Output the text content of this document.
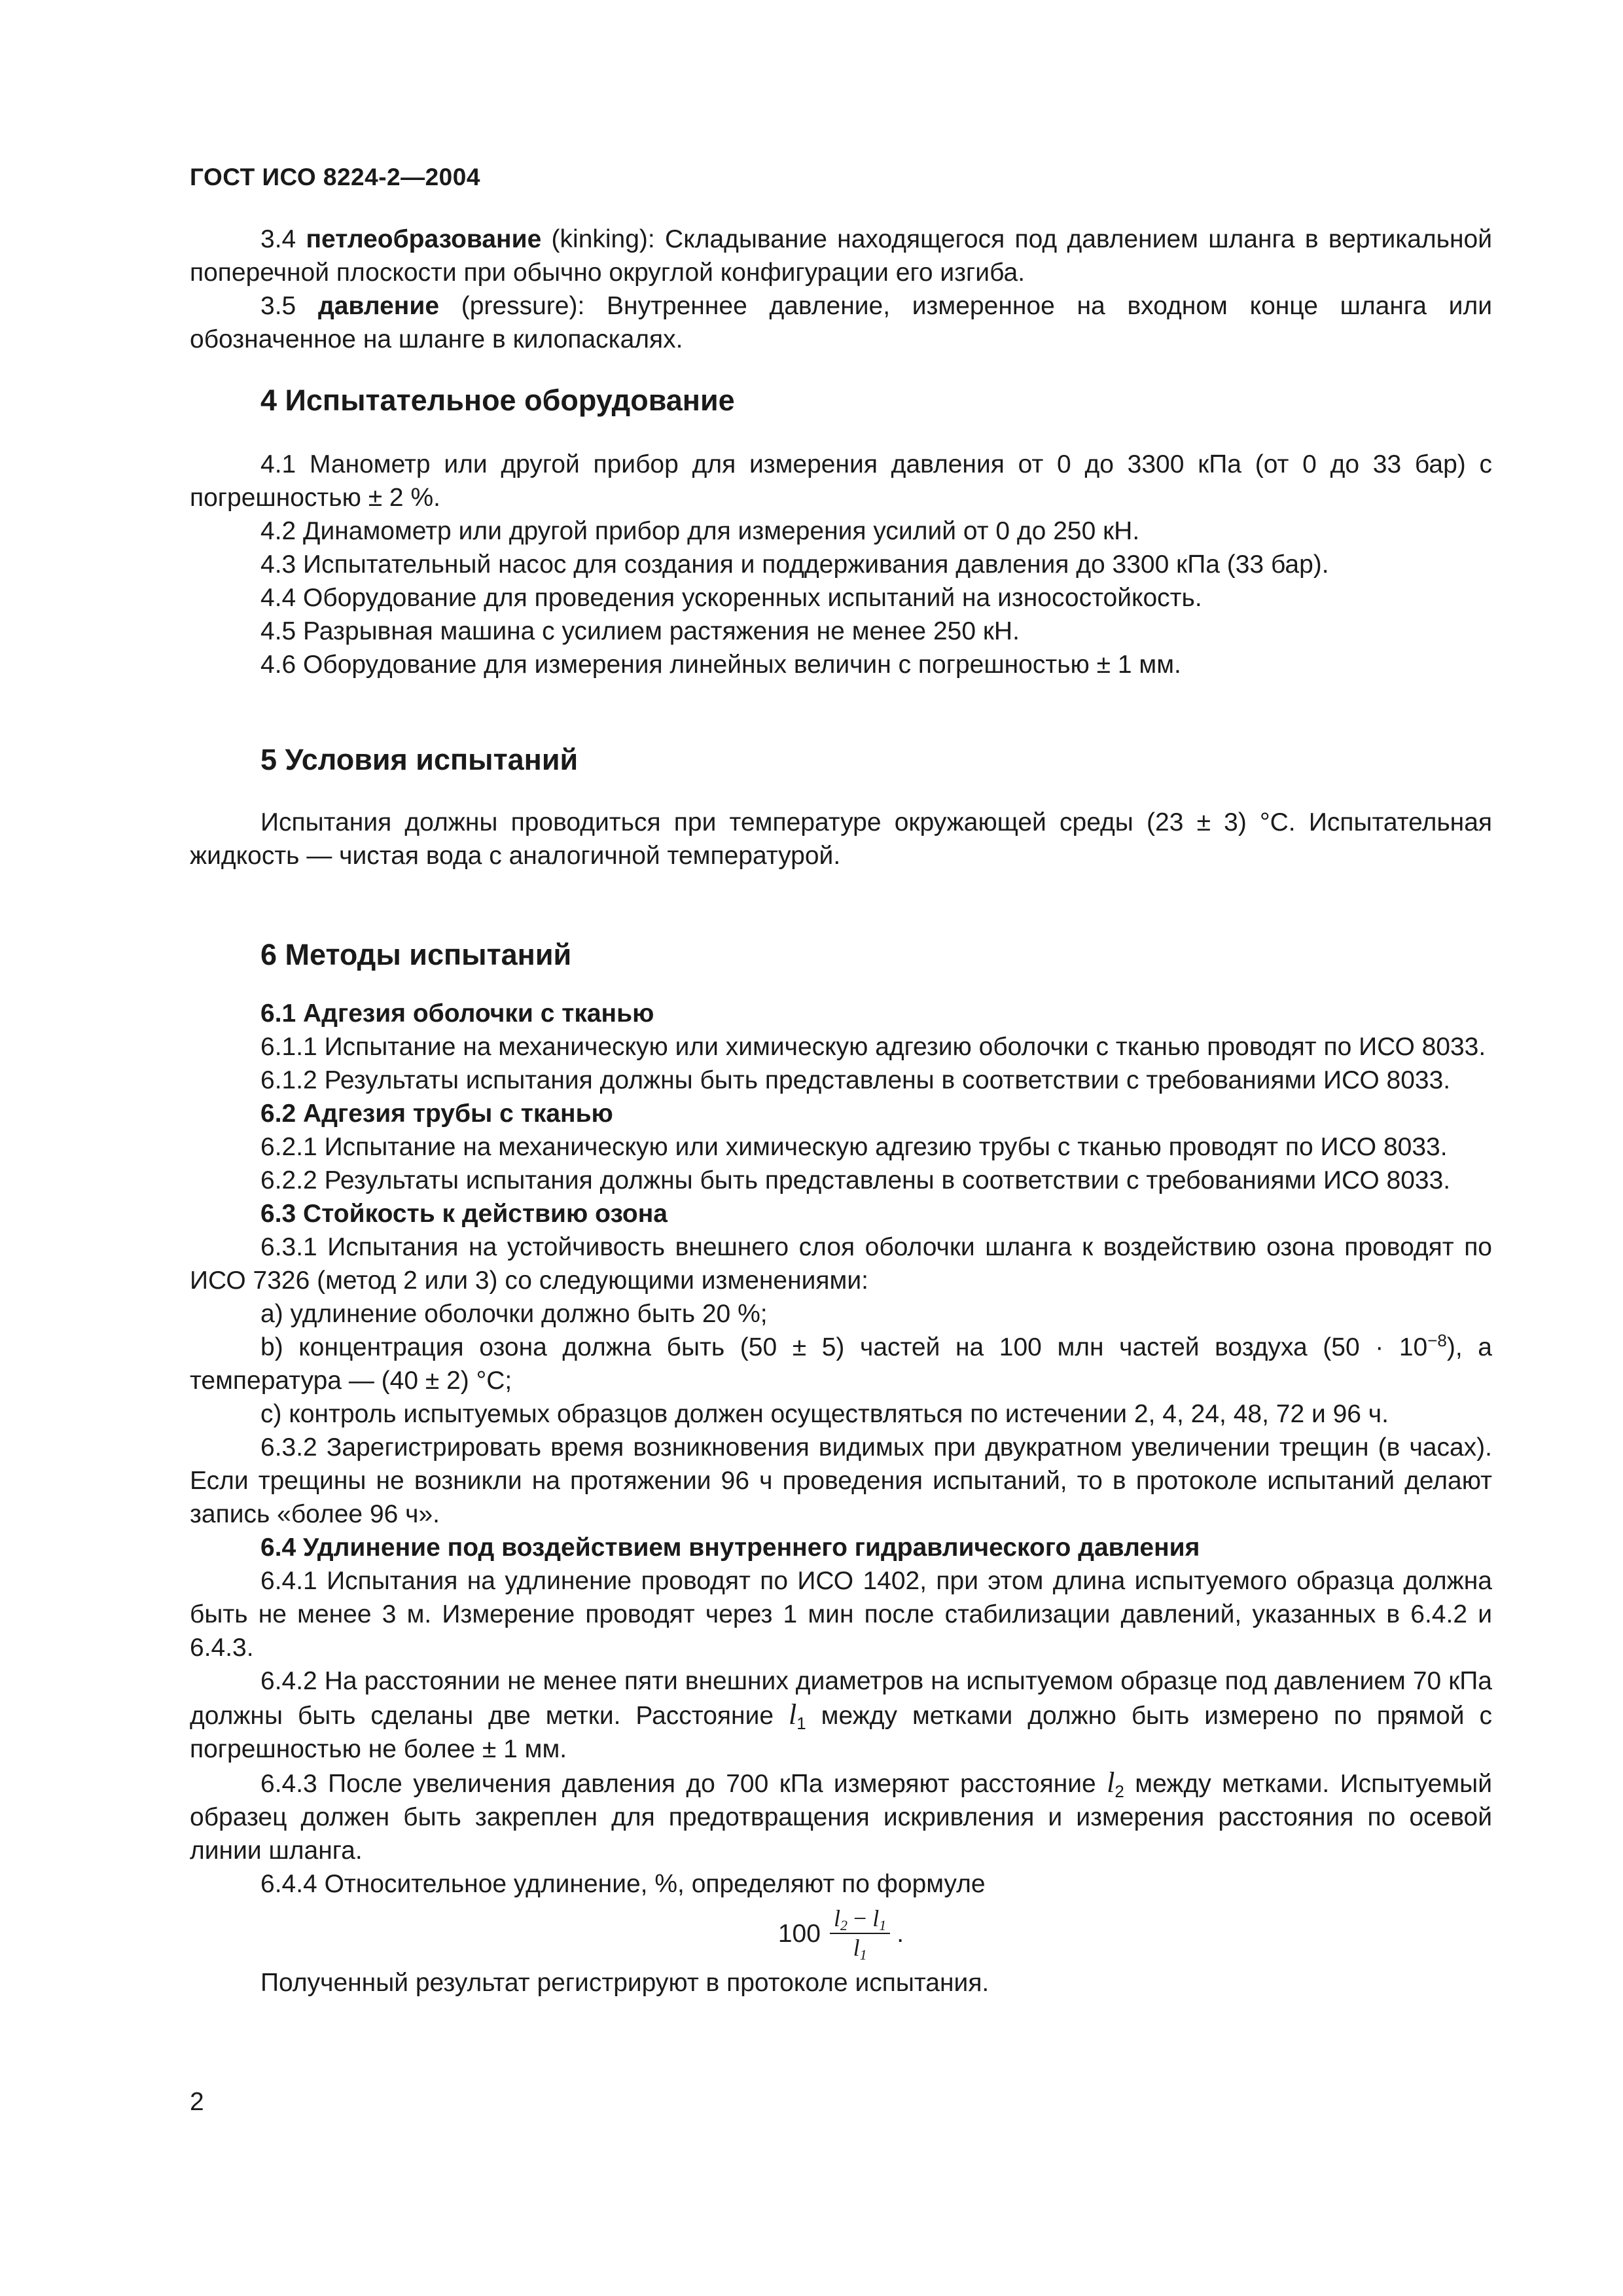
ГОСТ ИСО 8224-2—2004

3.4 петлеобразование (kinking): Складывание находящегося под давлением шланга в вертикальной поперечной плоскости при обычно округлой конфигурации его изгиба.

3.5 давление (pressure): Внутреннее давление, измеренное на входном конце шланга или обозначенное на шланге в килопаскалях.

4 Испытательное оборудование

4.1 Манометр или другой прибор для измерения давления от 0 до 3300 кПа (от 0 до 33 бар) с погрешностью ± 2 %.

4.2 Динамометр или другой прибор для измерения усилий от 0 до 250 кН.

4.3 Испытательный насос для создания и поддерживания давления до 3300 кПа (33 бар).

4.4 Оборудование для проведения ускоренных испытаний на износостойкость.

4.5 Разрывная машина с усилием растяжения не менее 250 кН.

4.6 Оборудование для измерения линейных величин с погрешностью ± 1 мм.

5 Условия испытаний

Испытания должны проводиться при температуре окружающей среды (23 ± 3) °С. Испытательная жидкость — чистая вода с аналогичной температурой.

6 Методы испытаний
6.1 Адгезия оболочки с тканью

6.1.1 Испытание на механическую или химическую адгезию оболочки с тканью проводят по ИСО 8033.

6.1.2 Результаты испытания должны быть представлены в соответствии с требованиями ИСО 8033.

6.2 Адгезия трубы с тканью

6.2.1 Испытание на механическую или химическую адгезию трубы с тканью проводят по ИСО 8033.

6.2.2 Результаты испытания должны быть представлены в соответствии с требованиями ИСО 8033.

6.3 Стойкость к действию озона

6.3.1 Испытания на устойчивость внешнего слоя оболочки шланга к воздействию озона проводят по ИСО 7326 (метод 2 или 3) со следующими изменениями:

a) удлинение оболочки должно быть 20 %;

b) концентрация озона должна быть (50 ± 5) частей на 100 млн частей воздуха $(50 \cdot 10^{-8})$, а температура — (40 ± 2) °С;

c) контроль испытуемых образцов должен осуществляться по истечении 2, 4, 24, 48, 72 и 96 ч.

6.3.2 Зарегистрировать время возникновения видимых при двукратном увеличении трещин (в часах). Если трещины не возникли на протяжении 96 ч проведения испытаний, то в протоколе испытаний делают запись «более 96 ч».

6.4 Удлинение под воздействием внутреннего гидравлического давления

6.4.1 Испытания на удлинение проводят по ИСО 1402, при этом длина испытуемого образца должна быть не менее 3 м. Измерение проводят через 1 мин после стабилизации давлений, указанных в 6.4.2 и 6.4.3.

6.4.2 На расстоянии не менее пяти внешних диаметров на испытуемом образце под давлением 70 кПа должны быть сделаны две метки. Расстояние $l_1$ между метками должно быть измерено по прямой с погрешностью не более ± 1 мм.

6.4.3 После увеличения давления до 700 кПа измеряют расстояние $l_2$ между метками. Испытуемый образец должен быть закреплен для предотвращения искривления и измерения расстояния по осевой линии шланга.

6.4.4 Относительное удлинение, %, определяют по формуле

$100 \frac{l_2 - l_1}{l_1}$ .

Полученный результат регистрируют в протоколе испытания.

2
